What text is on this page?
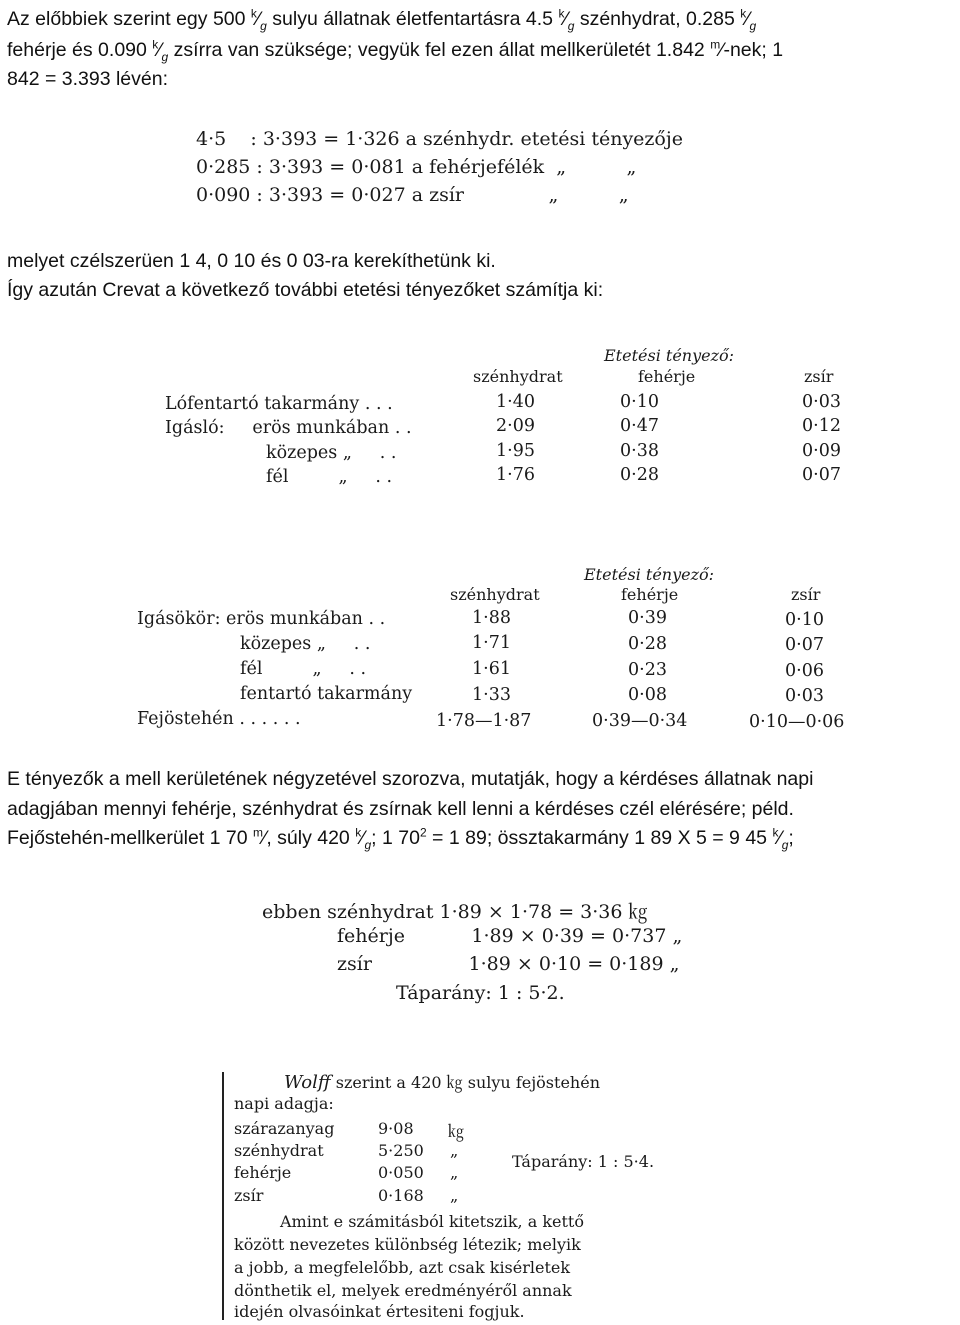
Az előbbiek szerint egy 500 $^k⁄_g$ sulyu állatnak életfentartásra 4.5 $^k⁄_g$ szénhydrat, 0.285 $^k⁄_g$
fehérje és 0.090 $^k⁄_g$ zsírra van szüksége; vegyük fel ezen állat mellkerületét 1.842 $^m$⁄-nek; 1
842 = 3.393 lévén:
4·5    : 3·393 = 1·326 a szénhydr. etetési tényezője
0·285 : 3·393 = 0·081 a fehérjefélék  „          „
0·090 : 3·393 = 0·027 a zsír              „          „
melyet czélszerüen 1 4, 0 10 és 0 03-ra kerekíthetünk ki.
Így azután Crevat a következő további etetési tényezőket számítja ki:
Etetési tényező:
szénhydrat	fehérje	zsír
Lófentartó takarmány . . .	1·40	0·10	0·03
Igásló:     erös munkában . .	2·09	0·47	0·12
közepes „     . .	1·95	0·38	0·09
fél         „     . .	1·76	0·28	0·07
Etetési tényező:
szénhydrat	fehérje	zsír
Igásökör: erös munkában . .	1·88	0·39	0·10
közepes „     . .	1·71	0·28	0·07
fél         „     . .	1·61	0·23	0·06
fentartó takarmány	1·33	0·08	0·03
Fejöstehén . . . . . .	1·78—1·87	0·39—0·34	0·10—0·06
E tényezők a mell kerületének négyzetével szorozva, mutatják, hogy a kérdéses állatnak napi
adagjában mennyi fehérje, szénhydrat és zsírnak kell lenni a kérdéses czél elérésére; péld.
Fejőstehén-mellkerület 1 70 $^m$⁄, súly 420 $^k⁄_g$; 1 $70^2 = 1$ 89; össztakarmány 1 89 X 5 = 9 45 $^k⁄_g$;
ebben szénhydrat 1·89 × 1·78 = 3·36 ㎏
fehérje           1·89 × 0·39 = 0·737 „
zsír                1·89 × 0·10 = 0·189 „
Táparány: 1 : 5·2.
Wolff szerint a 420 ㎏ sulyu fejöstehén
napi adagja:
szárazanyag	9·08 ㎏
szénhydrat	5·250 „
fehérje	0·050 „
zsír	0·168 „
Táparány: 1 : 5·4.
Amint e számitásból kitetszik, a kettő
között nevezetes különbség létezik; melyik
a jobb, a megfelelőbb, azt csak kisérletek
dönthetik el, melyek eredményéről annak
idején olvasóinkat értesiteni fogjuk.
